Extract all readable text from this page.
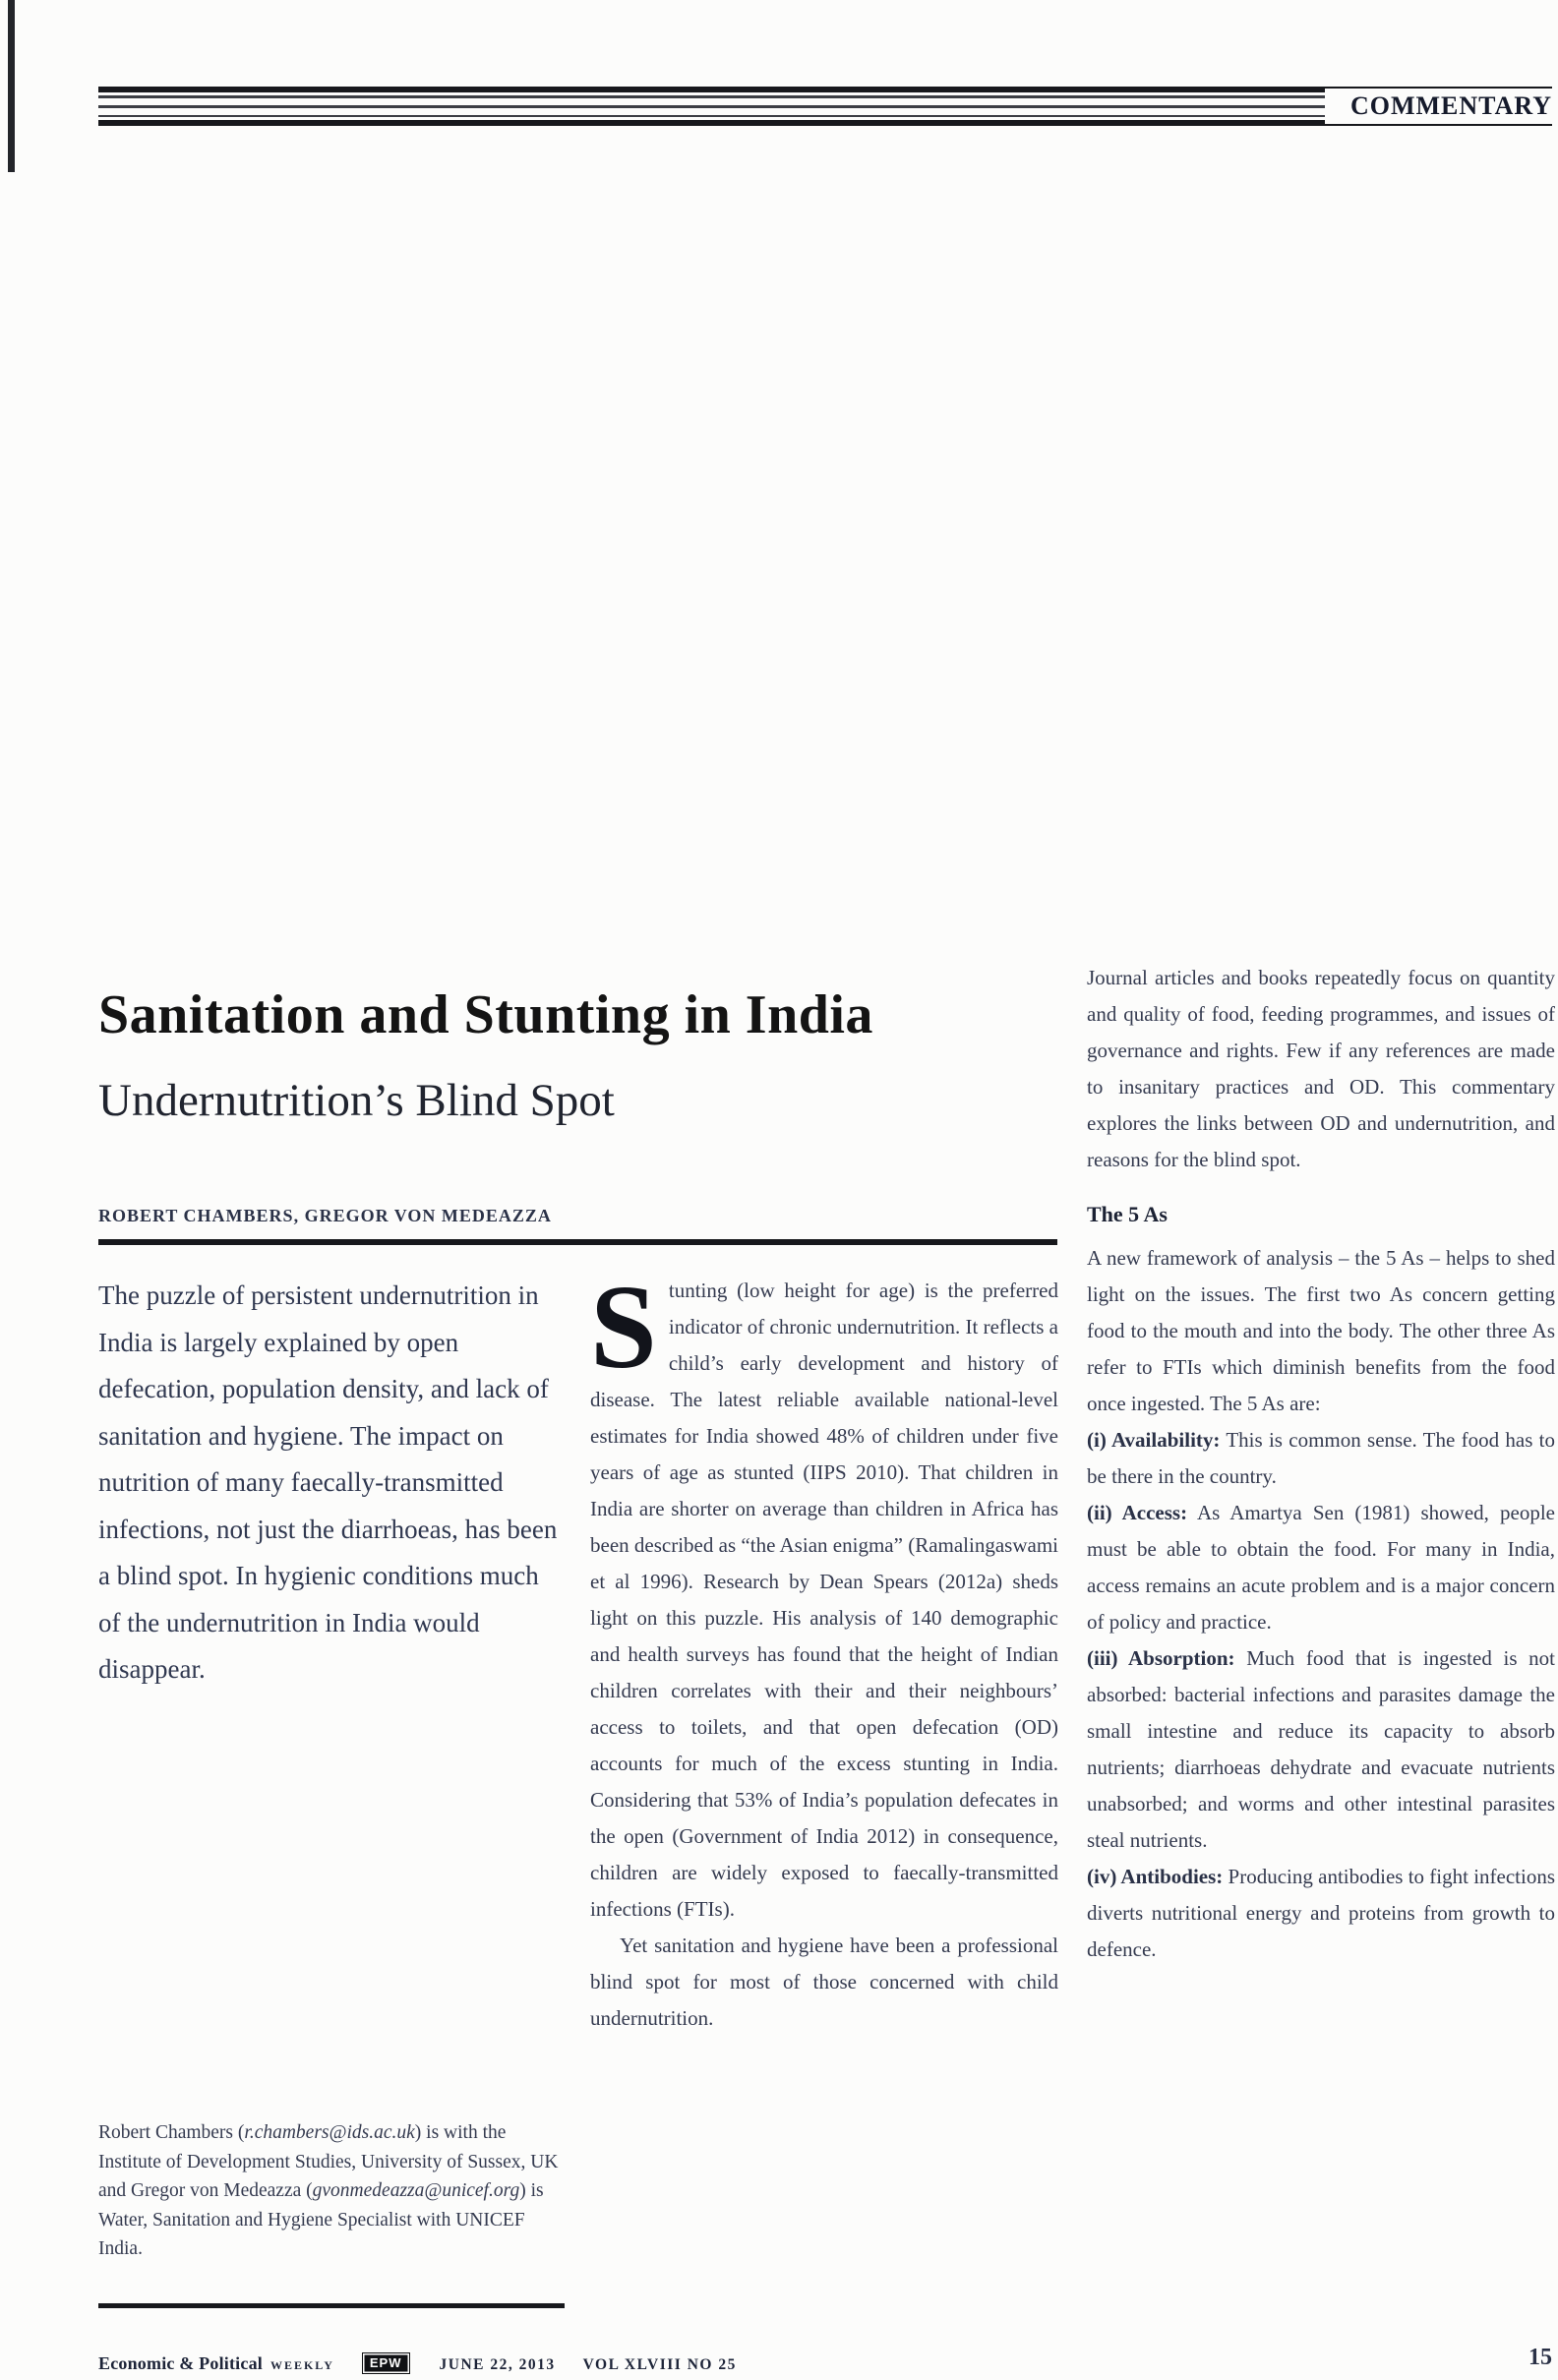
COMMENTARY
Sanitation and Stunting in India
Undernutrition’s Blind Spot
ROBERT CHAMBERS, GREGOR VON MEDEAZZA
The puzzle of persistent undernutrition in India is largely explained by open defecation, population density, and lack of sanitation and hygiene. The impact on nutrition of many faecally-transmitted infections, not just the diarrhoeas, has been a blind spot. In hygienic conditions much of the undernutrition in India would disappear.

Stunting (low height for age) is the preferred indicator of chronic undernutrition. It reflects a child’s early development and history of disease. The latest reliable available national-level estimates for India showed 48% of children under five years of age as stunted (IIPS 2010). That children in India are shorter on average than children in Africa has been described as “the Asian enigma” (Ramalingaswami et al 1996). Research by Dean Spears (2012a) sheds light on this puzzle. His analysis of 140 demographic and health surveys has found that the height of Indian children correlates with their and their neighbours’ access to toilets, and that open defecation (OD) accounts for much of the excess stunting in India. Considering that 53% of India’s population defecates in the open (Government of India 2012) in consequence, children are widely exposed to faecally-transmitted infections (FTIs).

Yet sanitation and hygiene have been a professional blind spot for most of those concerned with child undernutrition.

Journal articles and books repeatedly focus on quantity and quality of food, feeding programmes, and issues of governance and rights. Few if any references are made to insanitary practices and OD. This commentary explores the links between OD and undernutrition, and reasons for the blind spot.

The 5 As

A new framework of analysis – the 5 As – helps to shed light on the issues. The first two As concern getting food to the mouth and into the body. The other three As refer to FTIs which diminish benefits from the food once ingested. The 5 As are:

(i) Availability: This is common sense. The food has to be there in the country.

(ii) Access: As Amartya Sen (1981) showed, people must be able to obtain the food. For many in India, access remains an acute problem and is a major concern of policy and practice.

(iii) Absorption: Much food that is ingested is not absorbed: bacterial infections and parasites damage the small intestine and reduce its capacity to absorb nutrients; diarrhoeas dehydrate and evacuate nutrients unabsorbed; and worms and other intestinal parasites steal nutrients.

(iv) Antibodies: Producing antibodies to fight infections diverts nutritional energy and proteins from growth to defence.

Robert Chambers (r.chambers@ids.ac.uk) is with the Institute of Development Studies, University of Sussex, UK and Gregor von Medeazza (gvonmedeazza@unicef.org) is Water, Sanitation and Hygiene Specialist with UNICEF India.
Economic & Political WEEKLY	EPW JUNE 22, 2013 VOL XLVIII NO 25	15
